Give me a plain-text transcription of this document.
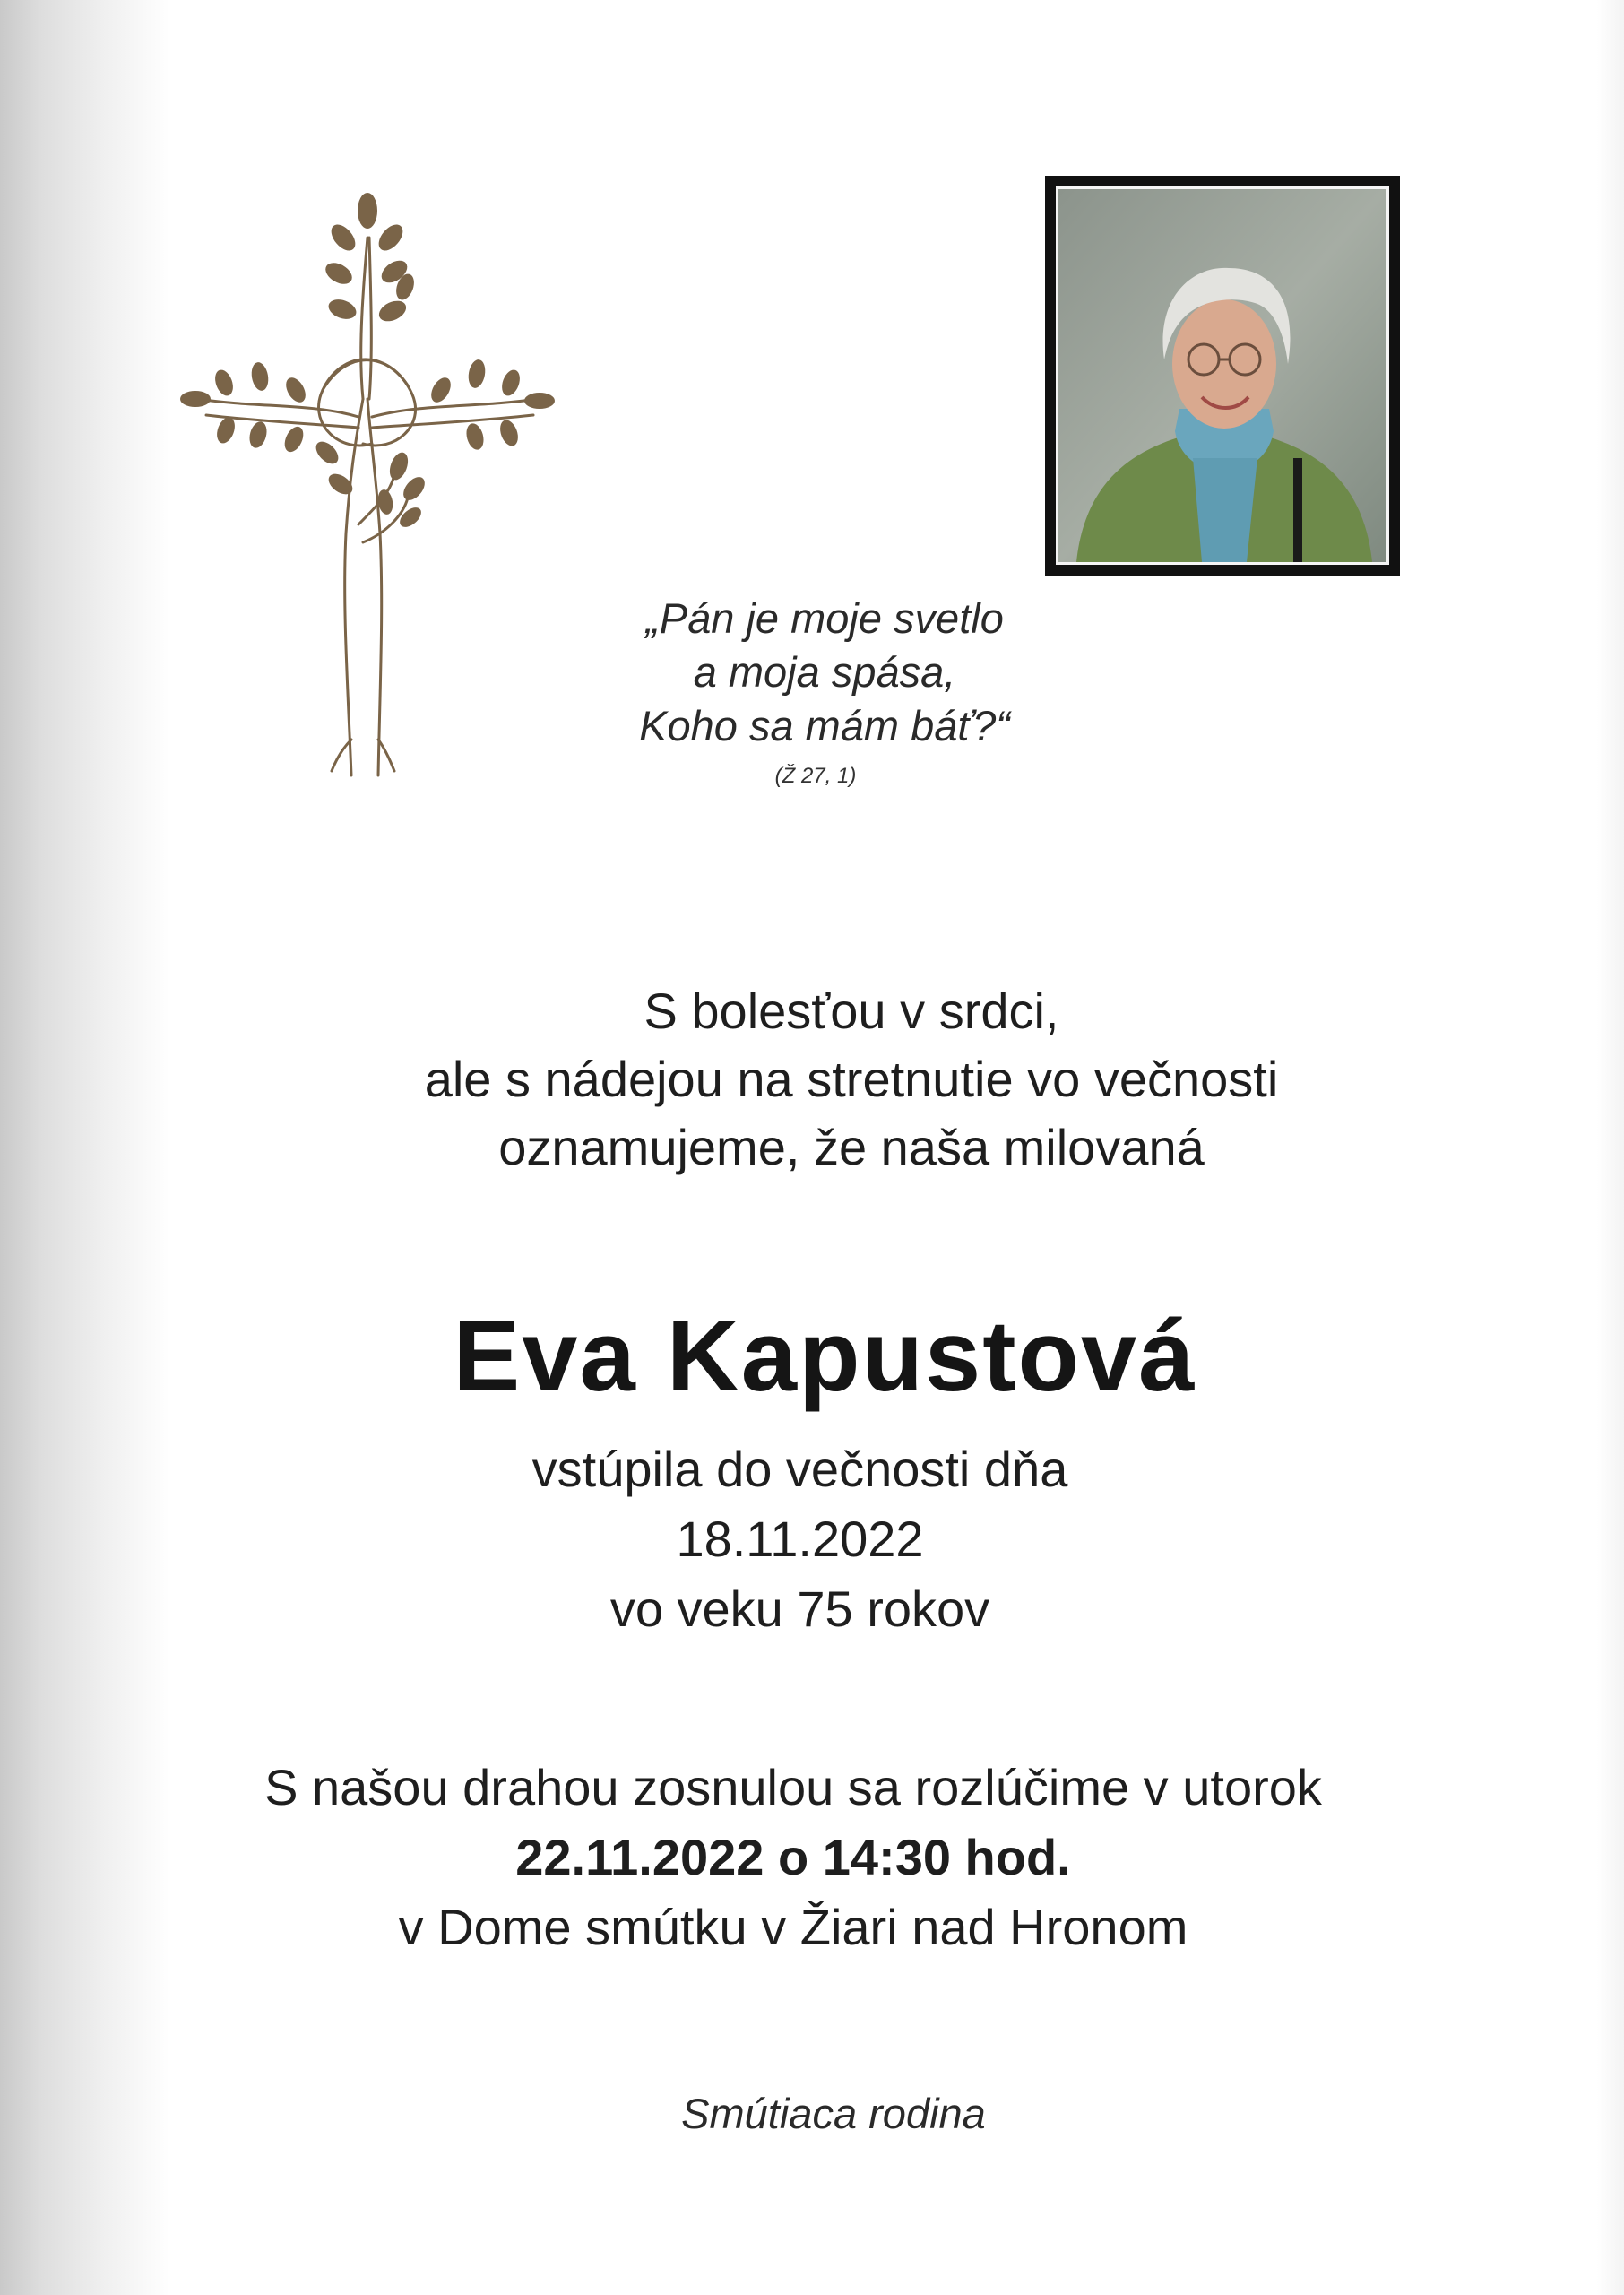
„Pán je moje svetlo
a moja spása,
Koho sa mám báť?“
(Ž 27, 1)
S bolesťou v srdci,
ale s nádejou na stretnutie vo večnosti
oznamujeme, že naša milovaná
Eva Kapustová
vstúpila do večnosti dňa
18.11.2022
vo veku 75 rokov
S našou drahou zosnulou sa rozlúčime v utorok
22.11.2022 o 14:30 hod.
v Dome smútku v Žiari nad Hronom
Smútiaca rodina
